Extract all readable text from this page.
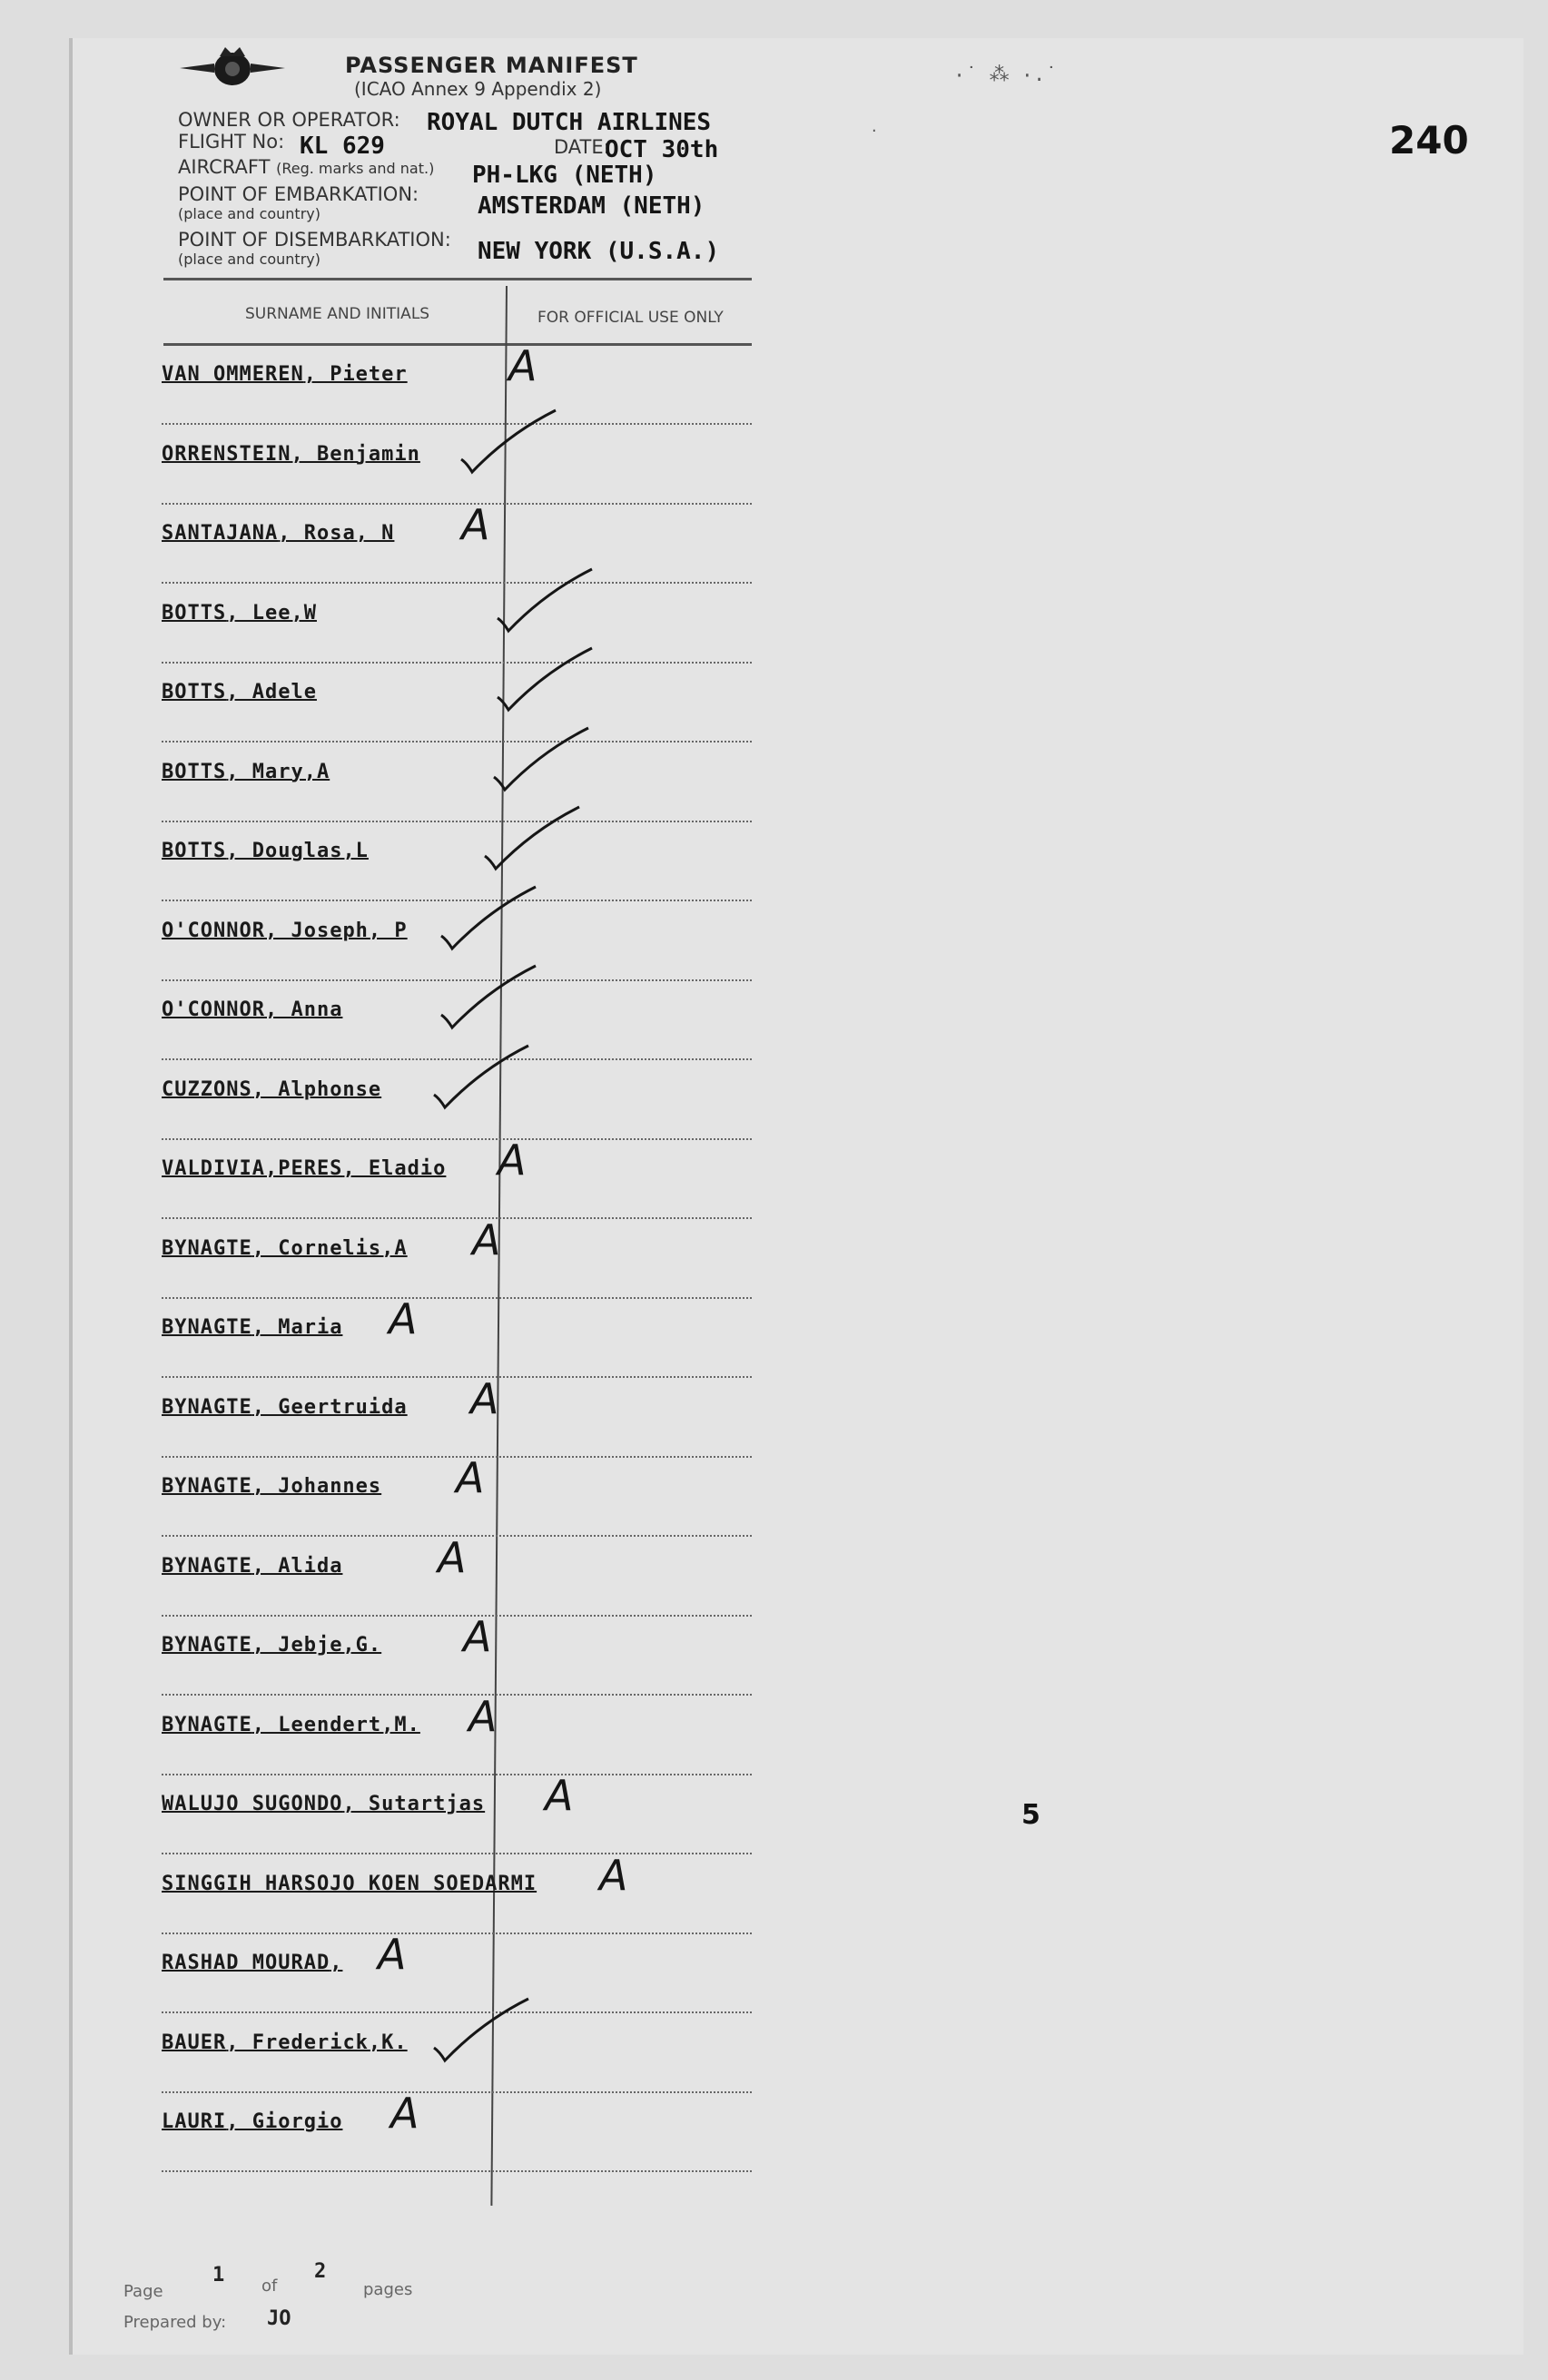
·˙ ⁂ ·.˙
.	240
PASSENGER MANIFEST
(ICAO Annex 9 Appendix 2)
OWNER OR OPERATOR: ROYAL DUTCH AIRLINES
FLIGHT No: KL 629	DATE:
OCT 30th
AIRCRAFT (Reg. marks and nat.) PH-LKG (NETH)
POINT OF EMBARKATION:
(place and country)	AMSTERDAM (NETH)
POINT OF DISEMBARKATION:
(place and country)	NEW YORK (U.S.A.)
SURNAME AND INITIALS	FOR OFFICIAL USE ONLY
VAN OMMEREN, Pieter A
ORRENSTEIN, Benjamin
SANTAJANA, Rosa, N A
BOTTS, Lee,W
BOTTS, Adele
BOTTS, Mary,A
BOTTS, Douglas,L
O'CONNOR, Joseph, P
O'CONNOR, Anna
CUZZONS, Alphonse
VALDIVIA,PERES, Eladio A
BYNAGTE, Cornelis,A A
BYNAGTE, Maria A
BYNAGTE, Geertruida A
BYNAGTE, Johannes A
BYNAGTE, Alida A
BYNAGTE, Jebje,G. A
BYNAGTE, Leendert,M. A
WALUJO SUGONDO, Sutartjas A
SINGGIH HARSOJO KOEN SOEDARMI A
RASHAD MOURAD, A
BAUER, Frederick,K.
LAURI, Giorgio A
Page
1 of
2
pages
Prepared by: JO
5
